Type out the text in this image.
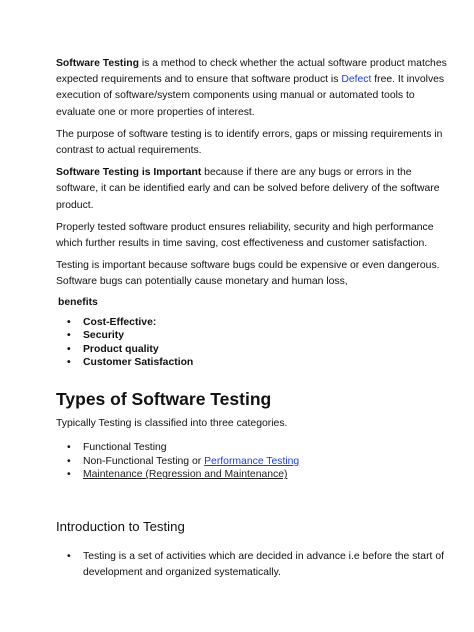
Software Testing is a method to check whether the actual software product matches expected requirements and to ensure that software product is Defect free. It involves execution of software/system components using manual or automated tools to evaluate one or more properties of interest.

The purpose of software testing is to identify errors, gaps or missing requirements in contrast to actual requirements.

Software Testing is Important because if there are any bugs or errors in the software, it can be identified early and can be solved before delivery of the software product.

Properly tested software product ensures reliability, security and high performance which further results in time saving, cost effectiveness and customer satisfaction.

Testing is important because software bugs could be expensive or even dangerous. Software bugs can potentially cause monetary and human loss,

benefits
• Cost-Effective:
• Security
• Product quality
• Customer Satisfaction
Types of Software Testing

Typically Testing is classified into three categories.

• Functional Testing
• Non-Functional Testing or Performance Testing
• Maintenance (Regression and Maintenance)
Introduction to Testing
• Testing is a set of activities which are decided in advance i.e before the start of development and organized systematically.
